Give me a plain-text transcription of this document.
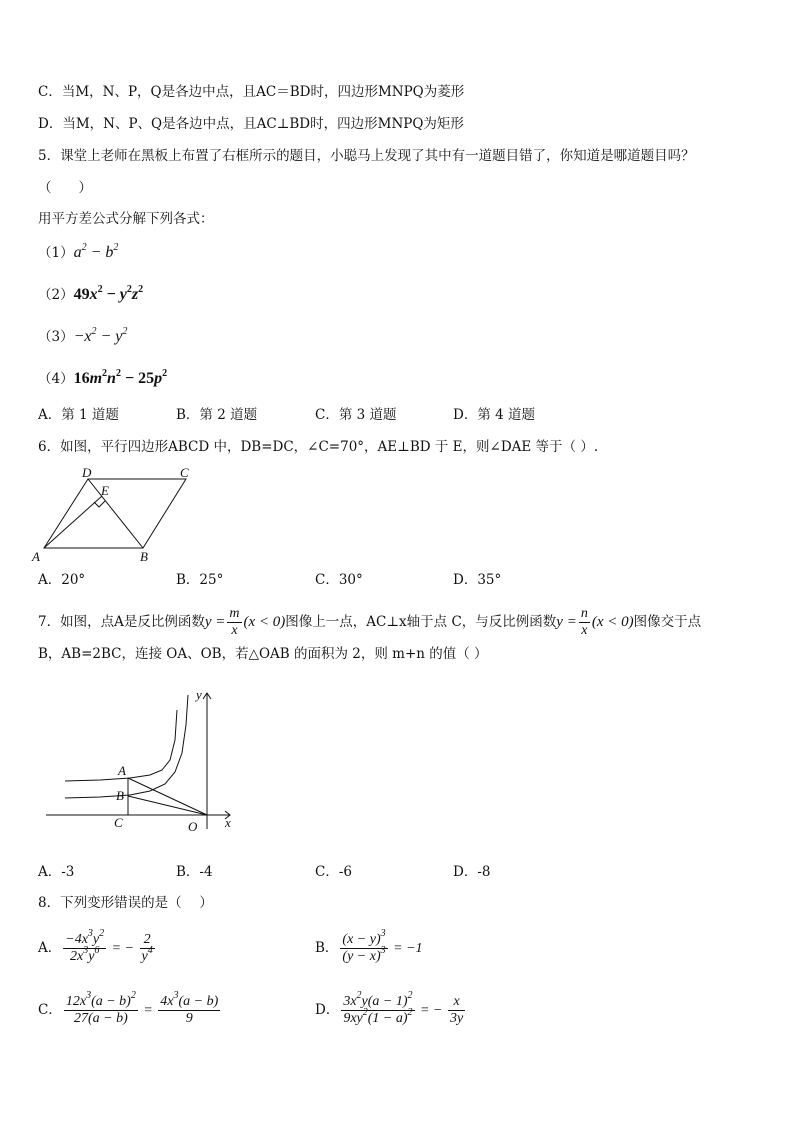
C．当M，N、P，Q是各边中点，且AC＝BD时，四边形MNPQ为菱形
D．当M，N、P、Q是各边中点，且AC⊥BD时，四边形MNPQ为矩形
5．课堂上老师在黑板上布置了右框所示的题目，小聪马上发现了其中有一道题目错了，你知道是哪道题目吗？
（　　）
用平方差公式分解下列各式：
$(1)a^2 - b^2$
$(2)49x^2 - y^2z^2$
$(3)-x^2 - y^2$
$(4)16m^2n^2 - 25p^2$
A．第 1 道题	B．第 2 道题	C．第 3 道题	D．第 4 道题
6．如图，平行四边形ABCD 中，DB=DC，∠C=70°，AE⊥BD 于 E，则∠DAE 等于（ ）.
A	B
C
D
E
A．20°	B．25°	C．30°	D．35°
7．如图，点A是反比例函数$y = \frac{m}{x} (x < 0)$图像上一点，AC⊥x轴于点 C，与反比例函数$y = \frac{n}{x} (x < 0)$图像交于点
B，AB=2BC，连接 OA、OB，若△OAB 的面积为 2，则 m+n 的值（ ）
A
B
C	O x
y
A．-3	B．-4	C．-6	D．-8
8．下列变形错误的是（　 ）
A． $\frac{-4x^3y^2}{2x^3y^6}$ = − $\frac{2}{y^4}$	B． $\frac{(x - y)^3}{(y - x)^3} = -1$
C． $\frac{12x^3(a - b)^2}{27(a - b)} = \frac{4x^3(a - b)}{9}$	D． $\frac{3x^2y(a - 1)^2}{9xy^2(1 - a)^2}$ = − $\frac{x}{3y}$
